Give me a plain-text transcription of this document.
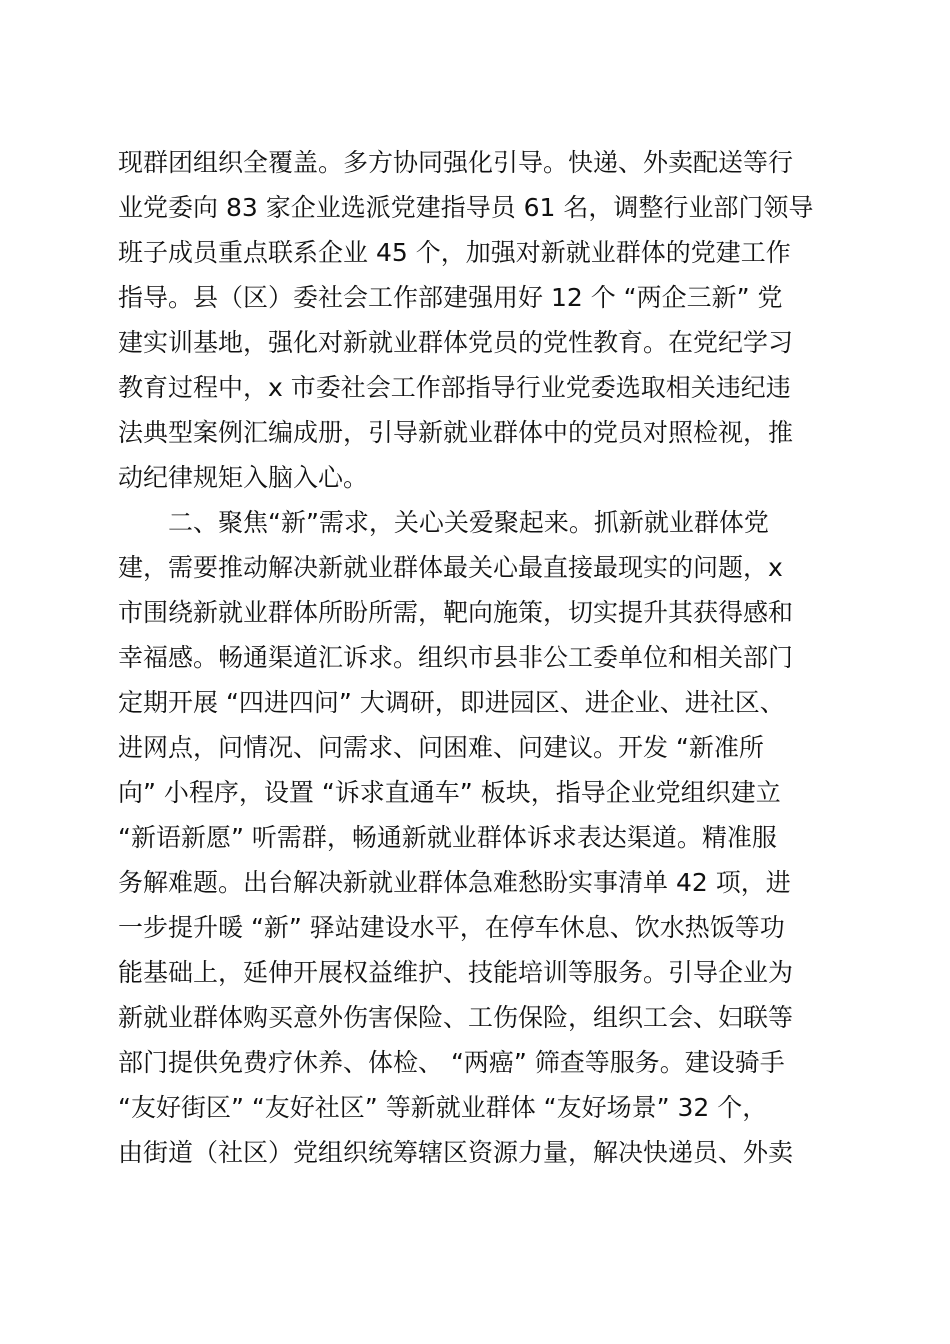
现群团组织全覆盖。多方协同强化引导。快递、外卖配送等行
业党委向 83 家企业选派党建指导员 61 名，调整行业部门领导
班子成员重点联系企业 45 个，加强对新就业群体的党建工作
指导。县（区）委社会工作部建强用好 12 个 “两企三新” 党
建实训基地，强化对新就业群体党员的党性教育。在党纪学习
教育过程中，x 市委社会工作部指导行业党委选取相关违纪违
法典型案例汇编成册，引导新就业群体中的党员对照检视，推
动纪律规矩入脑入心。
　　二、聚焦“新”需求，关心关爱聚起来。抓新就业群体党
建，需要推动解决新就业群体最关心最直接最现实的问题，x
市围绕新就业群体所盼所需，靶向施策，切实提升其获得感和
幸福感。畅通渠道汇诉求。组织市县非公工委单位和相关部门
定期开展 “四进四问” 大调研，即进园区、进企业、进社区、
进网点，问情况、问需求、问困难、问建议。开发 “新准所
向” 小程序，设置 “诉求直通车” 板块，指导企业党组织建立
“新语新愿” 听需群，畅通新就业群体诉求表达渠道。精准服
务解难题。出台解决新就业群体急难愁盼实事清单 42 项，进
一步提升暖 “新” 驿站建设水平，在停车休息、饮水热饭等功
能基础上，延伸开展权益维护、技能培训等服务。引导企业为
新就业群体购买意外伤害保险、工伤保险，组织工会、妇联等
部门提供免费疗休养、体检、 “两癌” 筛查等服务。建设骑手
“友好街区” “友好社区” 等新就业群体 “友好场景” 32 个，
由街道（社区）党组织统筹辖区资源力量，解决快递员、外卖
